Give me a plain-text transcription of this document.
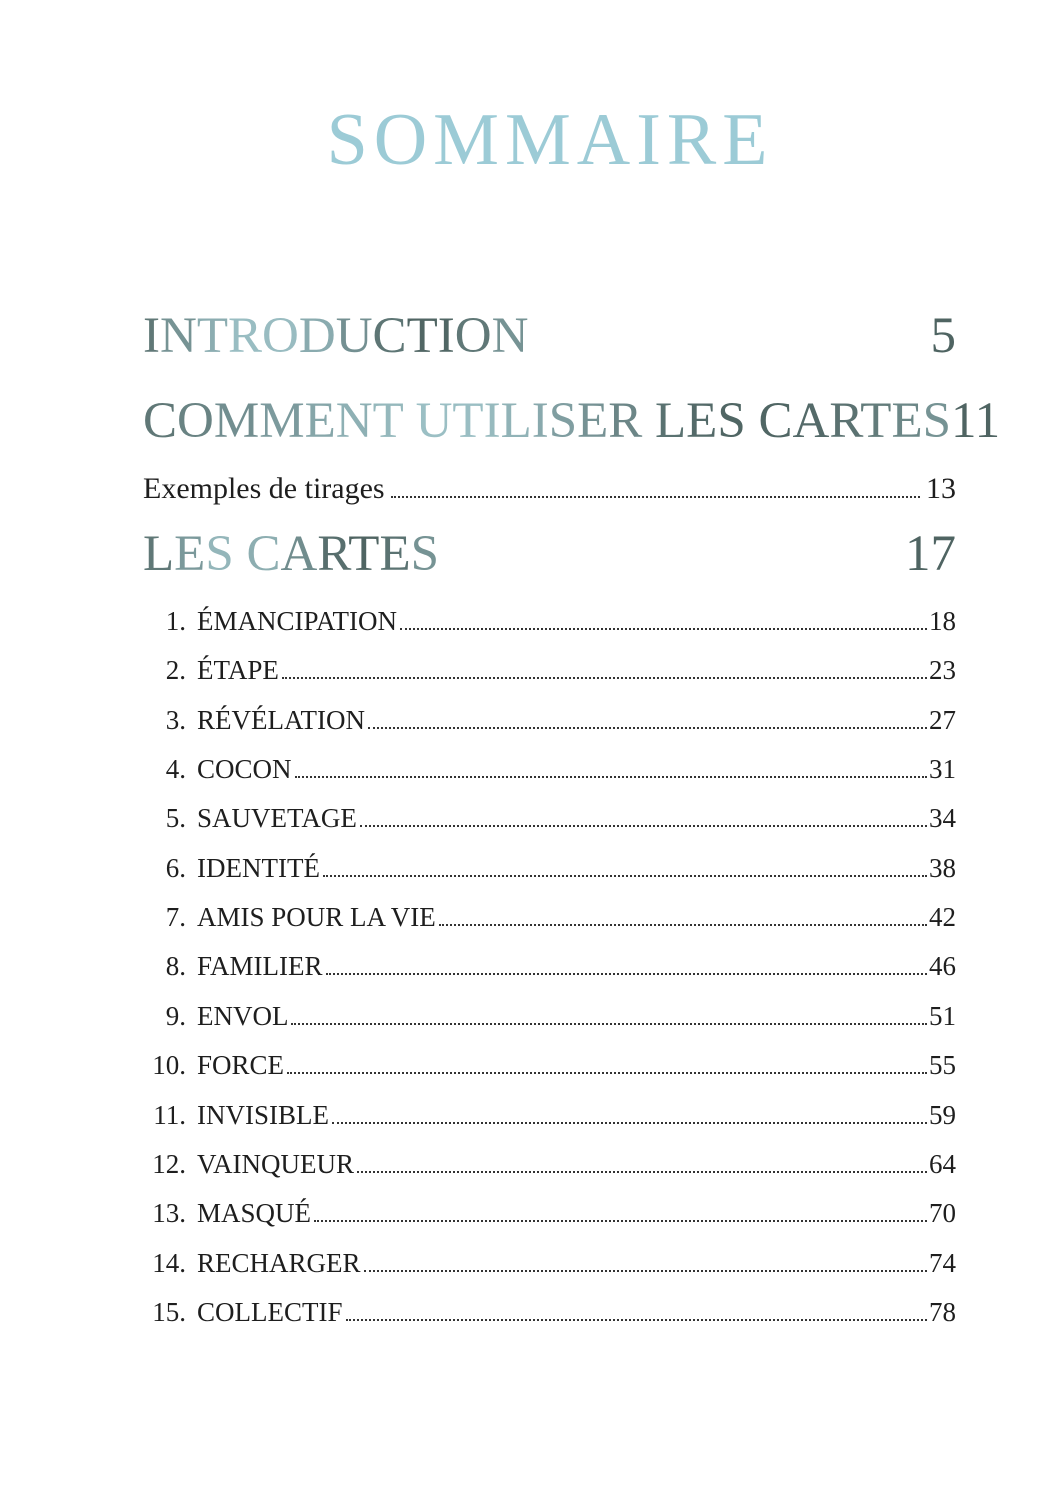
SOMMAIRE
INTRODUCTION	5
COMMENT UTILISER LES CARTES 11
Exemples de tirages	13
LES CARTES	17
1. ÉMANCIPATION	18
2. ÉTAPE	23
3. RÉVÉLATION	27
4. COCON	31
5. SAUVETAGE	34
6. IDENTITÉ	38
7. AMIS POUR LA VIE	42
8. FAMILIER	46
9. ENVOL	51
10. FORCE	55
11. INVISIBLE	59
12. VAINQUEUR	64
13. MASQUÉ	70
14. RECHARGER	74
15. COLLECTIF	78
